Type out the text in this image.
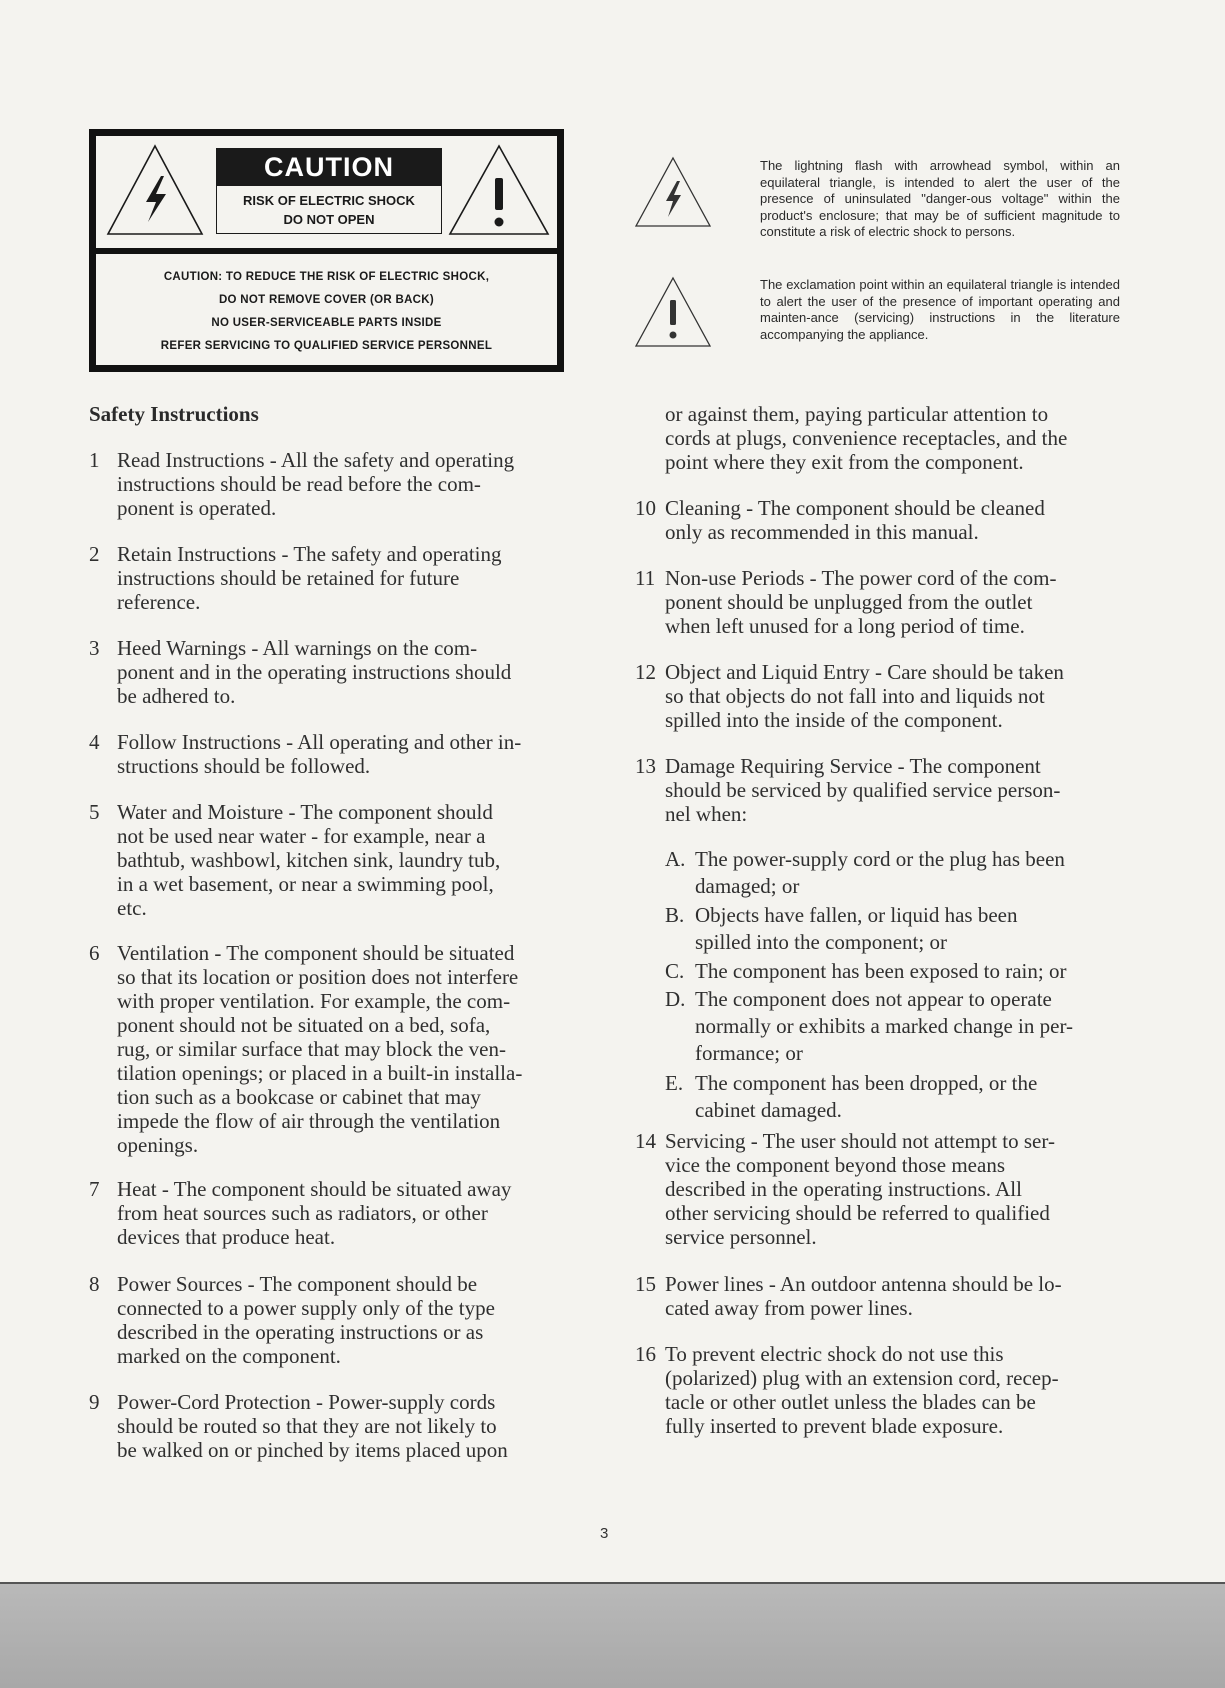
CAUTION
RISK OF ELECTRIC SHOCK
DO NOT OPEN
CAUTION: TO REDUCE THE RISK OF ELECTRIC SHOCK,
DO NOT REMOVE COVER (OR BACK)
NO USER-SERVICEABLE PARTS INSIDE
REFER SERVICING TO QUALIFIED SERVICE PERSONNEL
The lightning flash with arrowhead symbol, within an equilateral triangle, is intended to alert the user of the presence of uninsulated "danger-ous voltage" within the product's enclosure; that may be of sufficient magnitude to constitute a risk of electric shock to persons.
The exclamation point within an equilateral triangle is intended to alert the user of the presence of important operating and mainten-ance (servicing) instructions in the literature accompanying the appliance.
Safety Instructions
1 Read Instructions - All the safety and operating
instructions should be read before the com-
ponent is operated.
2 Retain Instructions - The safety and operating
instructions should be retained for future
reference.
3 Heed Warnings - All warnings on the com-
ponent and in the operating instructions should
be adhered to.
4 Follow Instructions - All operating and other in-
structions should be followed.
5 Water and Moisture - The component should
not be used near water - for example, near a
bathtub, washbowl, kitchen sink, laundry tub,
in a wet basement, or near a swimming pool,
etc.
6 Ventilation - The component should be situated
so that its location or position does not interfere
with proper ventilation. For example, the com-
ponent should not be situated on a bed, sofa,
rug, or similar surface that may block the ven-
tilation openings; or placed in a built-in installa-
tion such as a bookcase or cabinet that may
impede the flow of air through the ventilation
openings.
7 Heat - The component should be situated away
from heat sources such as radiators, or other
devices that produce heat.
8 Power Sources - The component should be
connected to a power supply only of the type
described in the operating instructions or as
marked on the component.
9 Power-Cord Protection - Power-supply cords
should be routed so that they are not likely to
be walked on or pinched by items placed upon
or against them, paying particular attention to
cords at plugs, convenience receptacles, and the
point where they exit from the component.
10 Cleaning - The component should be cleaned
only as recommended in this manual.
11 Non-use Periods - The power cord of the com-
ponent should be unplugged from the outlet
when left unused for a long period of time.
12 Object and Liquid Entry - Care should be taken
so that objects do not fall into and liquids not
spilled into the inside of the component.
13 Damage Requiring Service - The component
should be serviced by qualified service person-
nel when:
A. The power-supply cord or the plug has been
damaged; or
B. Objects have fallen, or liquid has been
spilled into the component; or
C. The component has been exposed to rain; or
D. The component does not appear to operate
normally or exhibits a marked change in per-
formance; or
E. The component has been dropped, or the
cabinet damaged.
14 Servicing - The user should not attempt to ser-
vice the component beyond those means
described in the operating instructions. All
other servicing should be referred to qualified
service personnel.
15 Power lines - An outdoor antenna should be lo-
cated away from power lines.
16 To prevent electric shock do not use this
(polarized) plug with an extension cord, recep-
tacle or other outlet unless the blades can be
fully inserted to prevent blade exposure.
3
